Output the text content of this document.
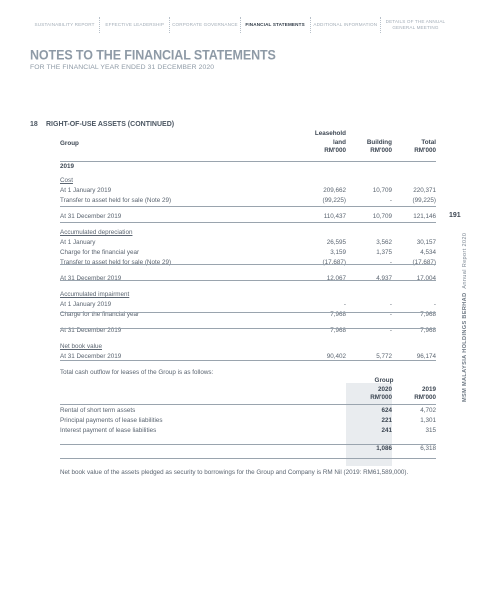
SUSTAINABILITY REPORT	EFFECTIVE LEADERSHIP	CORPORATE GOVERNANCE	FINANCIAL STATEMENTS	ADDITIONAL INFORMATION
DETAILS OF THE ANNUAL GENERAL MEETING
NOTES TO THE FINANCIAL STATEMENTS
FOR THE FINANCIAL YEAR ENDED 31 DECEMBER 2020
18 RIGHT-OF-USE ASSETS (CONTINUED)
Group
Leasehold
land
RM'000
Building
RM'000
Total
RM'000
2019
Cost
At 1 January 2019	209,662	10,709	220,371
Transfer to asset held for sale (Note 29)	(99,225)	-	(99,225)
At 31 December 2019	110,437	10,709	121,146
Accumulated depreciation
At 1 January	26,595	3,562	30,157
Charge for the financial year	3,159	1,375	4,534
Transfer to asset held for sale (Note 29)	(17,687)	-	(17,687)
At 31 December 2019	12,067	4,937	17,004
Accumulated impairment
At 1 January 2019	-	-	-
Charge for the financial year	7,968	-	7,968
At 31 December 2019	7,968	-	7,968
Net book value
At 31 December 2019	90,402	5,772	96,174
Total cash outflow for leases of the Group is as follows:
Group
2020	2019
RM'000	RM'000
Rental of short term assets	624	4,702
Principal payments of lease liabilities	221	1,301
Interest payment of lease liabilities	241	315
1,086	6,318
Net book value of the assets pledged as security to borrowings for the Group and Company is RM Nil (2019: RM61,589,000).
191
MSM MALAYSIA HOLDINGS BERHAD  Annual Report 2020
